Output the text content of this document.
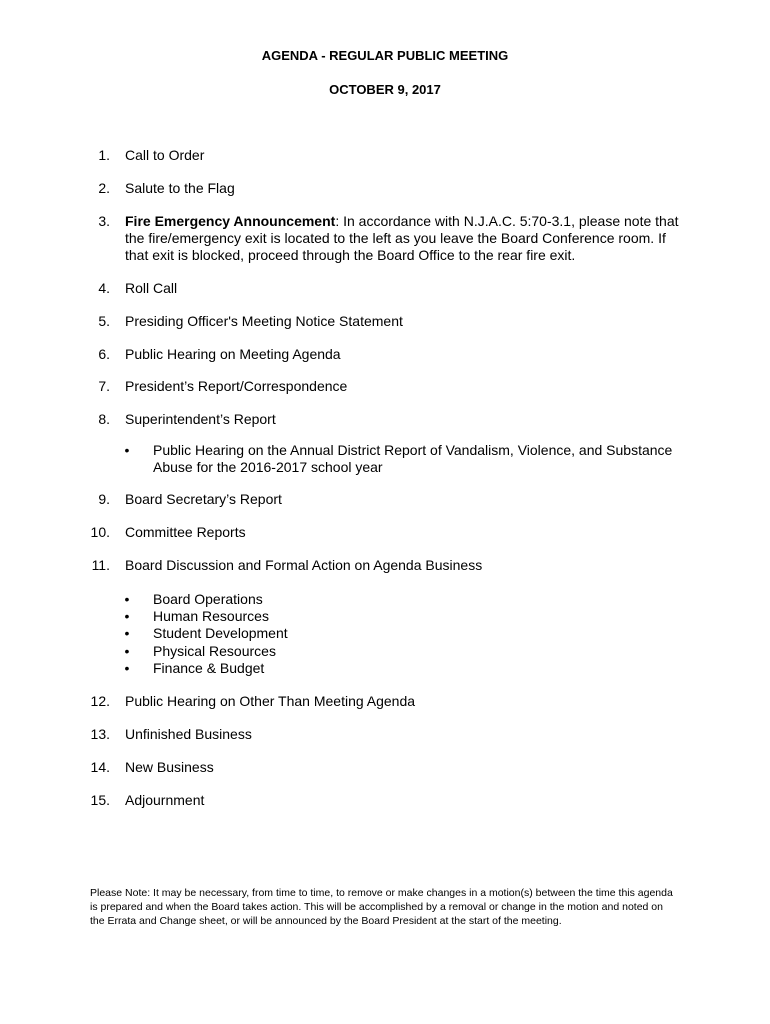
AGENDA - REGULAR PUBLIC MEETING
OCTOBER 9, 2017
1. Call to Order
2. Salute to the Flag
3. Fire Emergency Announcement: In accordance with N.J.A.C. 5:70-3.1, please note that the fire/emergency exit is located to the left as you leave the Board Conference room. If that exit is blocked, proceed through the Board Office to the rear fire exit.
4. Roll Call
5. Presiding Officer's Meeting Notice Statement
6. Public Hearing on Meeting Agenda
7. President’s Report/Correspondence
8. Superintendent’s Report
• Public Hearing on the Annual District Report of Vandalism, Violence, and Substance Abuse for the 2016-2017 school year
9. Board Secretary’s Report
10. Committee Reports
11. Board Discussion and Formal Action on Agenda Business
• Board Operations
• Human Resources
• Student Development
• Physical Resources
• Finance & Budget
12. Public Hearing on Other Than Meeting Agenda
13. Unfinished Business
14. New Business
15. Adjournment
Please Note: It may be necessary, from time to time, to remove or make changes in a motion(s) between the time this agenda is prepared and when the Board takes action. This will be accomplished by a removal or change in the motion and noted on the Errata and Change sheet, or will be announced by the Board President at the start of the meeting.
